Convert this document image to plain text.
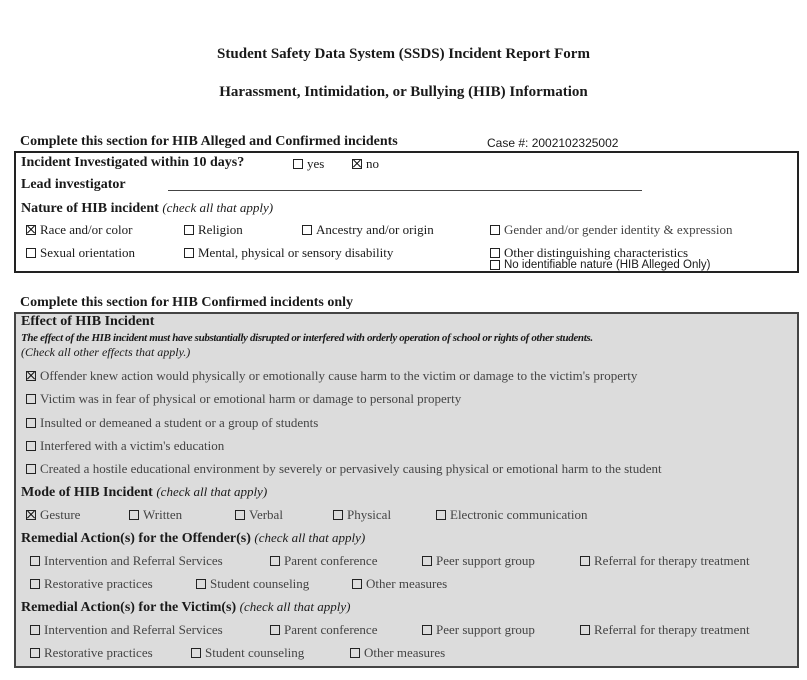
Student Safety Data System (SSDS) Incident Report Form
Harassment, Intimidation, or Bullying (HIB) Information
Complete this section for HIB Alleged and Confirmed incidents	Case #: 2002102325002
Incident Investigated within 10 days?	yes	no
Lead investigator
Nature of HIB incident (check all that apply)
Race and/or color	Religion	Ancestry and/or origin	Gender and/or gender identity & expression
Sexual orientation	Mental, physical or sensory disability	Other distinguishing characteristics
No identifiable nature (HIB Alleged Only)
Complete this section for HIB Confirmed incidents only
Effect of HIB Incident
The effect of the HIB incident must have substantially disrupted or interfered with orderly operation of school or rights of other students.
(Check all other effects that apply.)
Offender knew action would physically or emotionally cause harm to the victim or damage to the victim's property
Victim was in fear of physical or emotional harm or damage to personal property
Insulted or demeaned a student or a group of students
Interfered with a victim's education
Created a hostile educational environment by severely or pervasively causing physical or emotional harm to the student
Mode of HIB Incident (check all that apply)
Gesture	Written	Verbal	Physical	Electronic communication
Remedial Action(s) for the Offender(s) (check all that apply)
Intervention and Referral Services	Parent conference	Peer support group	Referral for therapy treatment
Restorative practices	Student counseling	Other measures
Remedial Action(s) for the Victim(s) (check all that apply)
Intervention and Referral Services	Parent conference	Peer support group	Referral for therapy treatment
Restorative practices	Student counseling	Other measures
